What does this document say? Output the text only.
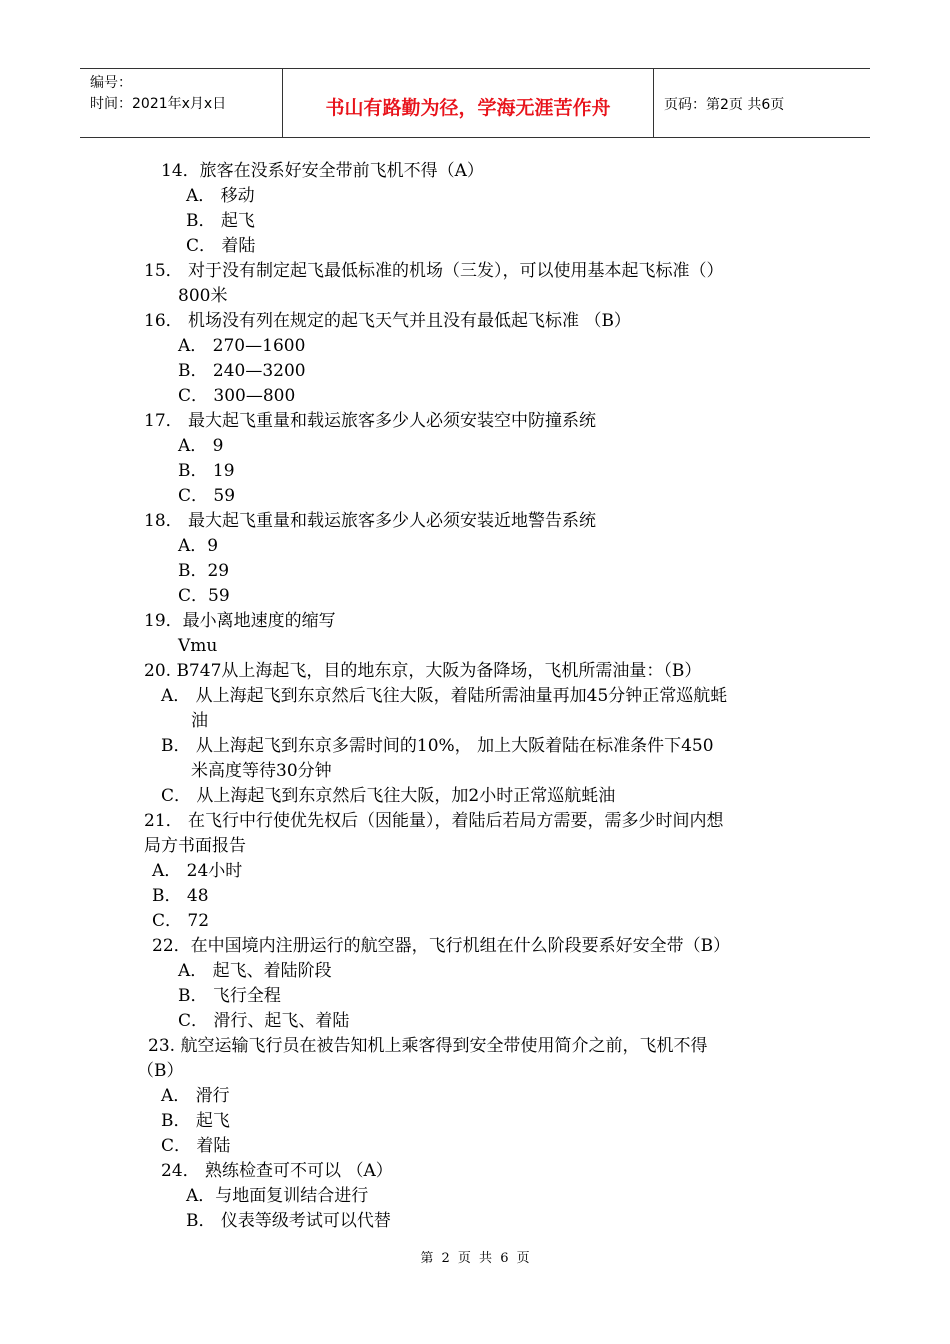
编号：
时间：2021年x月x日	书山有路勤为径，学海无涯苦作舟	页码：第2页 共6页
14．旅客在没系好安全带前飞机不得（A）
A． 移动
B． 起飞
C． 着陆
15． 对于没有制定起飞最低标准的机场（三发），可以使用基本起飞标准（）
800米
16． 机场没有列在规定的起飞天气并且没有最低起飞标准 （B）
A． 270—1600
B． 240—3200
C． 300—800
17． 最大起飞重量和载运旅客多少人必须安装空中防撞系统
A． 9
B． 19
C． 59
18． 最大起飞重量和载运旅客多少人必须安装近地警告系统
A．9
B．29
C．59
19．最小离地速度的缩写
Vmu
20. B747从上海起飞，目的地东京，大阪为备降场，飞机所需油量：（B）
A． 从上海起飞到东京然后飞往大阪，着陆所需油量再加45分钟正常巡航蚝
油
B． 从上海起飞到东京多需时间的10%， 加上大阪着陆在标准条件下450
米高度等待30分钟
C． 从上海起飞到东京然后飞往大阪，加2小时正常巡航蚝油
21． 在飞行中行使优先权后（因能量），着陆后若局方需要，需多少时间内想
局方书面报告
A． 24小时
B． 48
C． 72
22．在中国境内注册运行的航空器，飞行机组在什么阶段要系好安全带（B）
A． 起飞、着陆阶段
B． 飞行全程
C． 滑行、起飞、着陆
23. 航空运输飞行员在被告知机上乘客得到安全带使用简介之前，飞机不得
（B）
A． 滑行
B． 起飞
C． 着陆
24． 熟练检查可不可以 （A）
A．与地面复训结合进行
B． 仪表等级考试可以代替
第 2 页 共 6 页
